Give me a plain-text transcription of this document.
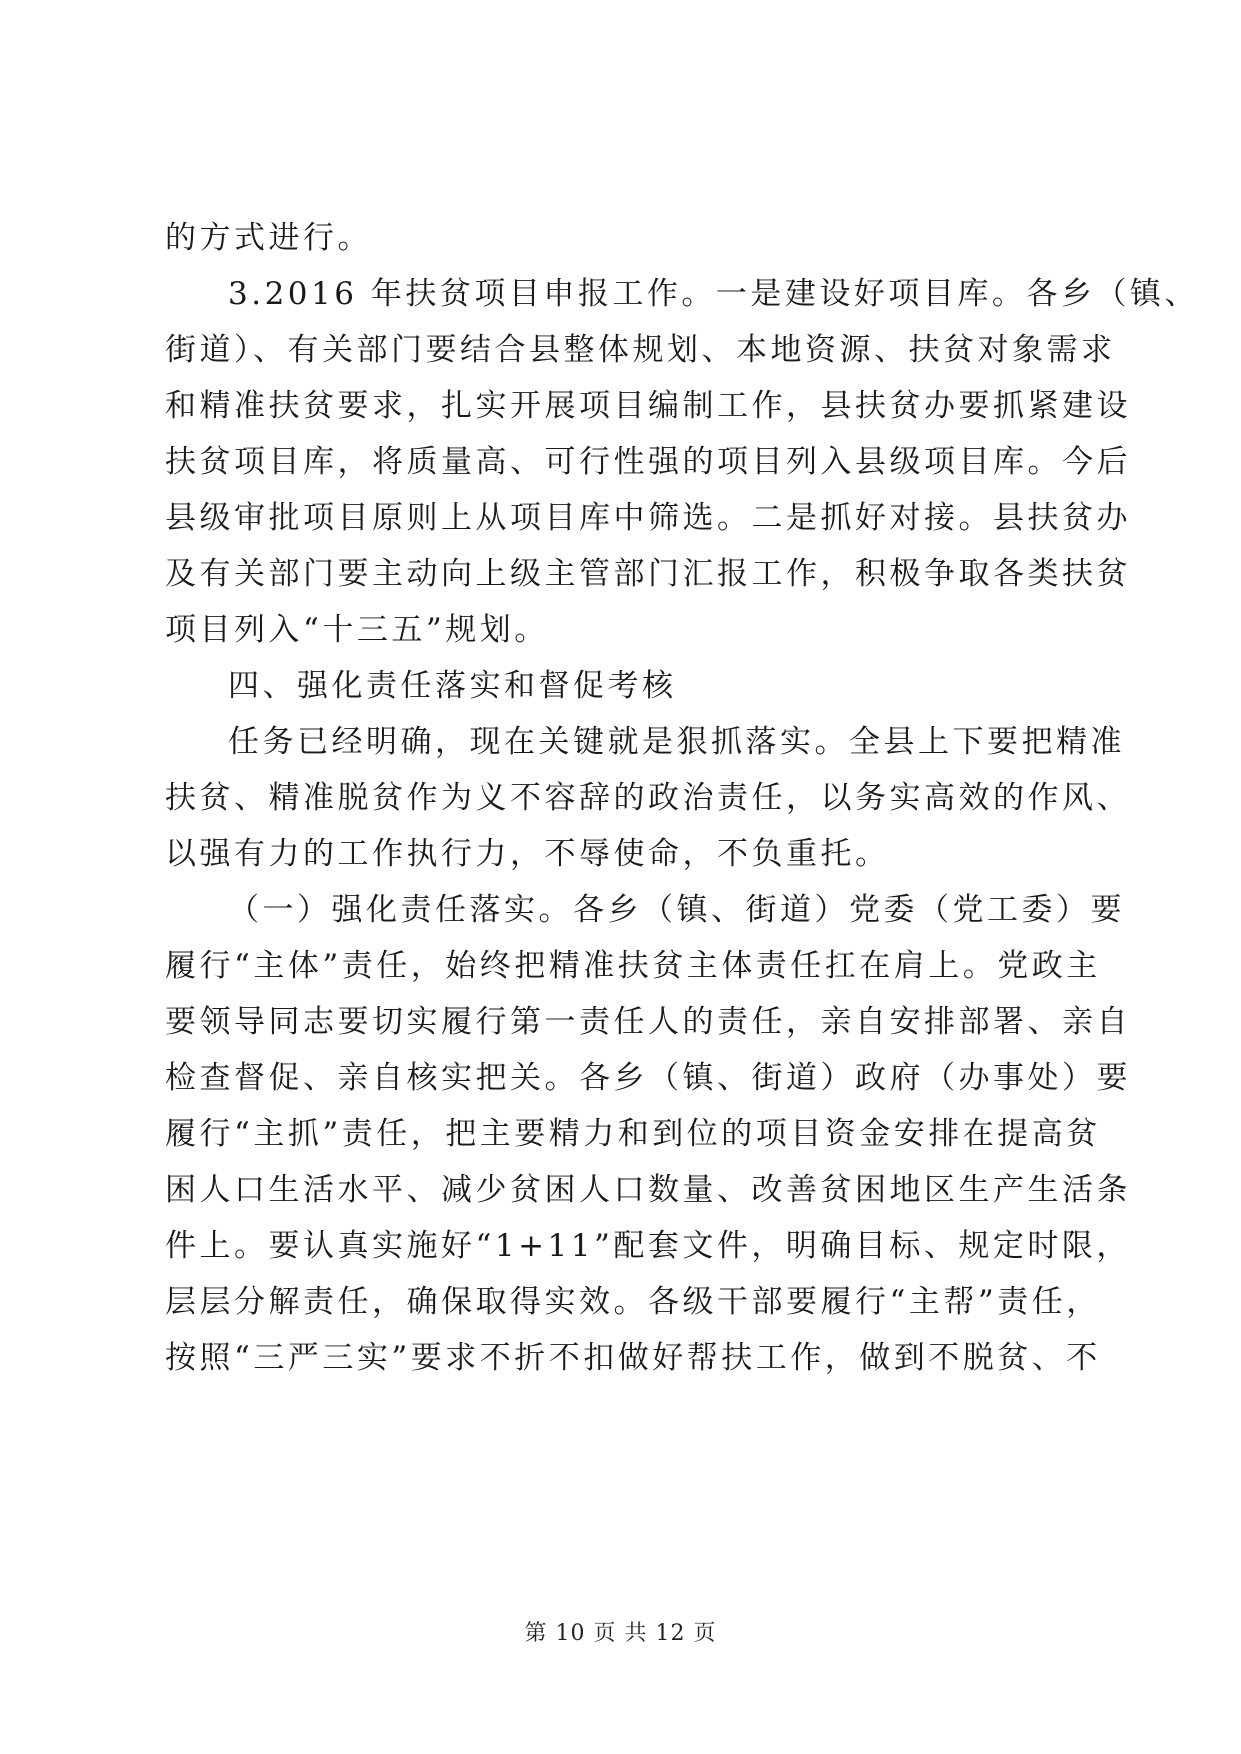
的方式进行。
3.2016 年扶贫项目申报工作。一是建设好项目库。各乡（镇、
街道）、有关部门要结合县整体规划、本地资源、扶贫对象需求
和精准扶贫要求，扎实开展项目编制工作，县扶贫办要抓紧建设
扶贫项目库，将质量高、可行性强的项目列入县级项目库。今后
县级审批项目原则上从项目库中筛选。二是抓好对接。县扶贫办
及有关部门要主动向上级主管部门汇报工作，积极争取各类扶贫
项目列入“十三五”规划。
四、强化责任落实和督促考核
任务已经明确，现在关键就是狠抓落实。全县上下要把精准
扶贫、精准脱贫作为义不容辞的政治责任，以务实高效的作风、
以强有力的工作执行力，不辱使命，不负重托。
（一）强化责任落实。各乡（镇、街道）党委（党工委）要
履行“主体”责任，始终把精准扶贫主体责任扛在肩上。党政主
要领导同志要切实履行第一责任人的责任，亲自安排部署、亲自
检查督促、亲自核实把关。各乡（镇、街道）政府（办事处）要
履行“主抓”责任，把主要精力和到位的项目资金安排在提高贫
困人口生活水平、减少贫困人口数量、改善贫困地区生产生活条
件上。要认真实施好“1+11”配套文件，明确目标、规定时限，
层层分解责任，确保取得实效。各级干部要履行“主帮”责任，
按照“三严三实”要求不折不扣做好帮扶工作，做到不脱贫、不
第 10 页 共 12 页
